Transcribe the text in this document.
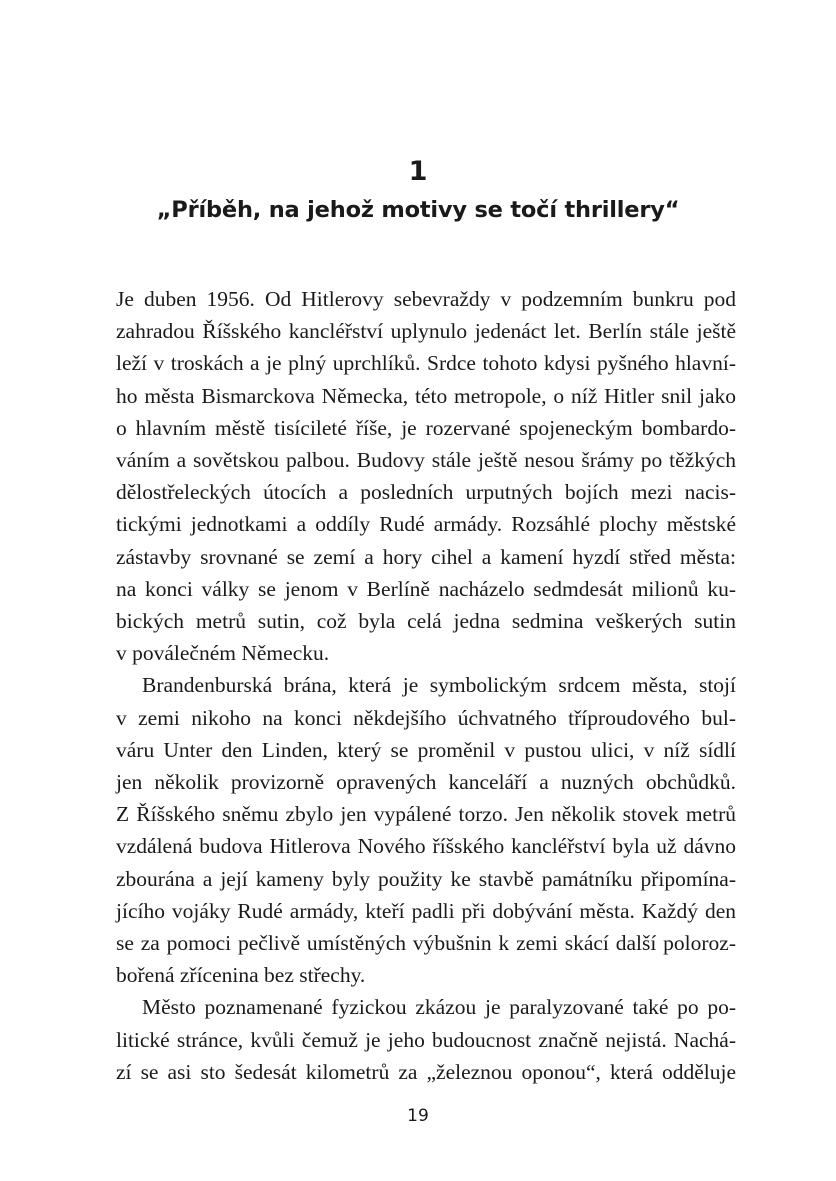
1
„Příběh, na jehož motivy se točí thrillery“
Je duben 1956. Od Hitlerovy sebevraždy v podzemním bunkru pod
zahradou Říšského kancléřství uplynulo jedenáct let. Berlín stále ještě
leží v troskách a je plný uprchlíků. Srdce tohoto kdysi pyšného hlavní-
ho města Bismarckova Německa, této metropole, o níž Hitler snil jako
o hlavním městě tisícileté říše, je rozervané spojeneckým bombardo-
váním a sovětskou palbou. Budovy stále ještě nesou šrámy po těžkých
dělostřeleckých útocích a posledních urputných bojích mezi nacis-
tickými jednotkami a oddíly Rudé armády. Rozsáhlé plochy městské
zástavby srovnané se zemí a hory cihel a kamení hyzdí střed města:
na konci války se jenom v Berlíně nacházelo sedmdesát milionů ku-
bických metrů sutin, což byla celá jedna sedmina veškerých sutin
v poválečném Německu.
Brandenburská brána, která je symbolickým srdcem města, stojí
v zemi nikoho na konci někdejšího úchvatného tříproudového bul-
váru Unter den Linden, který se proměnil v pustou ulici, v níž sídlí
jen několik provizorně opravených kanceláří a nuzných obchůdků.
Z Říšského sněmu zbylo jen vypálené torzo. Jen několik stovek metrů
vzdálená budova Hitlerova Nového říšského kancléřství byla už dávno
zbourána a její kameny byly použity ke stavbě památníku připomína-
jícího vojáky Rudé armády, kteří padli při dobývání města. Každý den
se za pomoci pečlivě umístěných výbušnin k zemi skácí další poloroz-
bořená zřícenina bez střechy.
Město poznamenané fyzickou zkázou je paralyzované také po po-
litické stránce, kvůli čemuž je jeho budoucnost značně nejistá. Nachá-
zí se asi sto šedesát kilometrů za „železnou oponou“, která odděluje
19
